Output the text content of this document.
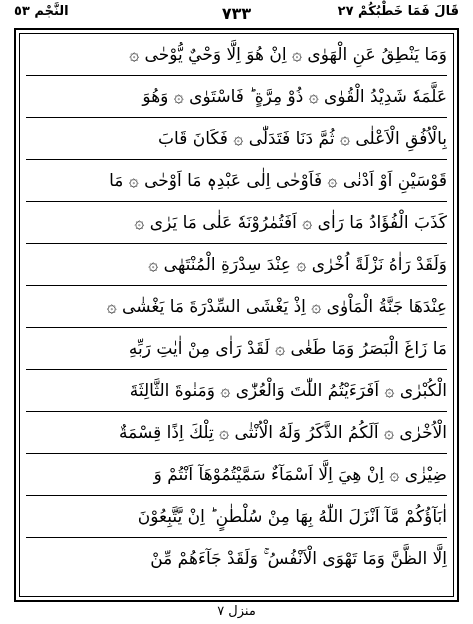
قَالَ فَمَا خَطْبُكُمْ ٢٧
٧٣٣
النَّجْم ٥٣
وَمَا يَنْطِقُ عَنِ الْهَوٰى ۞ اِنْ هُوَ اِلَّا وَحْيٌ يُّوْحٰى ۞
عَلَّمَهٗ شَدِيْدُ الْقُوٰى ۞ ذُوْ مِرَّةٍ ؕ فَاسْتَوٰى ۞ وَهُوَ
بِالْاُفُقِ الْاَعْلٰى ۞ ثُمَّ دَنَا فَتَدَلّٰى ۞ فَكَانَ قَابَ
قَوْسَيْنِ اَوْ اَدْنٰى ۞ فَاَوْحٰى اِلٰى عَبْدِهٖ مَا اَوْحٰى ۞ مَا
كَذَبَ الْفُؤَادُ مَا رَاٰى ۞ اَفَتُمٰرُوْنَهٗ عَلٰى مَا يَرٰى ۞
وَلَقَدْ رَاٰهُ نَزْلَةً اُخْرٰى ۞ عِنْدَ سِدْرَةِ الْمُنْتَهٰى ۞
عِنْدَهَا جَنَّةُ الْمَاْوٰى ۞ اِذْ يَغْشَى السِّدْرَةَ مَا يَغْشٰى ۞
مَا زَاغَ الْبَصَرُ وَمَا طَغٰى ۞ لَقَدْ رَاٰى مِنْ اٰيٰتِ رَبِّهِ
الْكُبْرٰى ۞ اَفَرَءَيْتُمُ اللّٰتَ وَالْعُزّٰى ۞ وَمَنٰوةَ الثَّالِثَةَ
الْاُخْرٰى ۞ اَلَكُمُ الذَّكَرُ وَلَهُ الْاُنْثٰى ۞ تِلْكَ اِذًا قِسْمَةٌ
ضِيْزٰى ۞ اِنْ هِيَ اِلَّا اَسْمَآءٌ سَمَّيْتُمُوْهَآ اَنْتُمْ وَ
اٰبَآؤُكُمْ مَّآ اَنْزَلَ اللّٰهُ بِهَا مِنْ سُلْطٰنٍ ؕ اِنْ يَّتَّبِعُوْنَ
اِلَّا الظَّنَّ وَمَا تَهْوَى الْاَنْفُسُ ۚ وَلَقَدْ جَآءَهُمْ مِّنْ
منزل ٧
